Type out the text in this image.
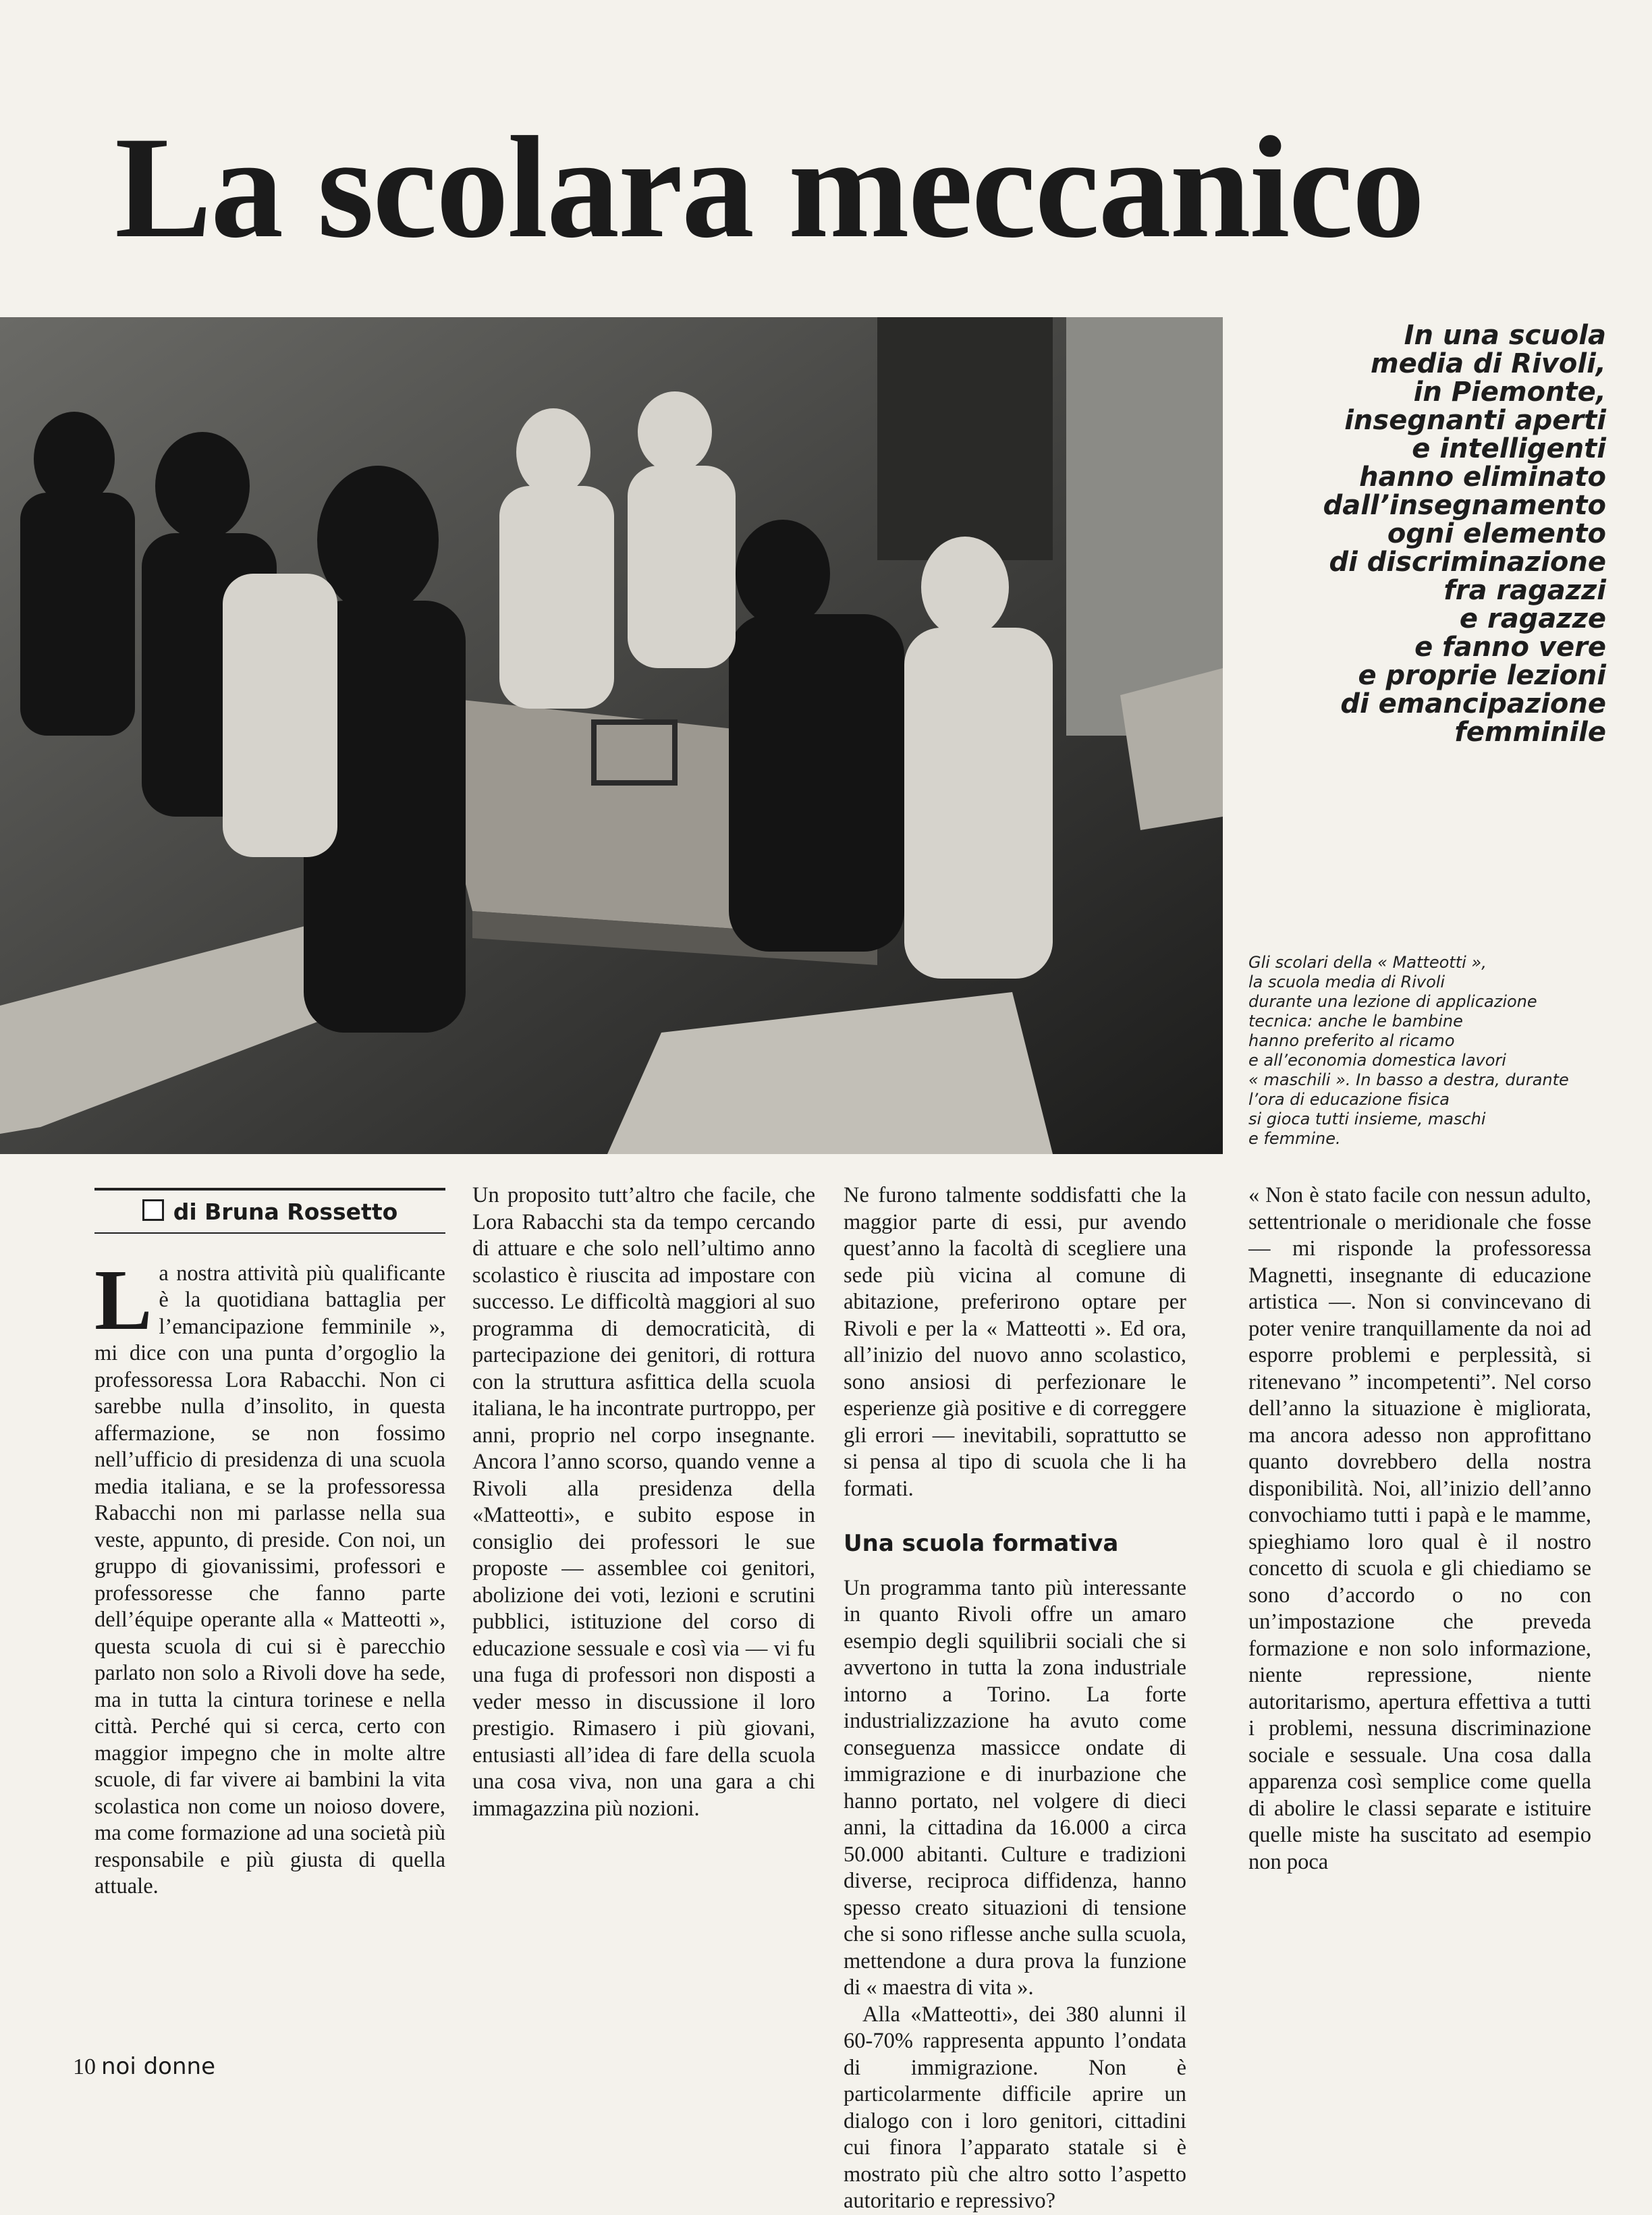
La scolara meccanico
In una scuola
media di Rivoli,
in Piemonte,
insegnanti aperti
e intelligenti
hanno eliminato
dall’insegnamento
ogni elemento
di discriminazione
fra ragazzi
e ragazze
e fanno vere
e proprie lezioni
di emancipazione
femminile
Gli scolari della « Matteotti »,
la scuola media di Rivoli
durante una lezione di applicazione
tecnica: anche le bambine
hanno preferito al ricamo
e all’economia domestica lavori
« maschili ». In basso a destra, durante
l’ora di educazione fisica
si gioca tutti insieme, maschi
e femmine.
di Bruna Rossetto

La nostra attività più qualificante è la quotidiana battaglia per l’emancipazione femminile », mi dice con una punta d’orgoglio la professoressa Lora Rabacchi. Non ci sarebbe nulla d’insolito, in questa affermazione, se non fossimo nell’ufficio di presidenza di una scuola media italiana, e se la professoressa Rabacchi non mi parlasse nella sua veste, appunto, di preside. Con noi, un gruppo di giovanissimi, professori e professoresse che fanno parte dell’équipe operante alla « Matteotti », questa scuola di cui si è parecchio parlato non solo a Rivoli dove ha sede, ma in tutta la cintura torinese e nella città. Perché qui si cerca, certo con maggior impegno che in molte altre scuole, di far vivere ai bambini la vita scolastica non come un noioso dovere, ma come formazione ad una società più responsabile e più giusta di quella attuale.

Un proposito tutt’altro che facile, che Lora Rabacchi sta da tempo cercando di attuare e che solo nell’ultimo anno scolastico è riuscita ad impostare con successo. Le difficoltà maggiori al suo programma di democraticità, di partecipazione dei genitori, di rottura con la struttura asfittica della scuola italiana, le ha incontrate purtroppo, per anni, proprio nel corpo insegnante. Ancora l’anno scorso, quando venne a Rivoli alla presidenza della «Matteotti», e subito espose in consiglio dei professori le sue proposte — assemblee coi genitori, abolizione dei voti, lezioni e scrutini pubblici, istituzione del corso di educazione sessuale e così via — vi fu una fuga di professori non disposti a veder messo in discussione il loro prestigio. Rimasero i più giovani, entusiasti all’idea di fare della scuola una cosa viva, non una gara a chi immagazzina più nozioni.

Ne furono talmente soddisfatti che la maggior parte di essi, pur avendo quest’anno la facoltà di scegliere una sede più vicina al comune di abitazione, preferirono optare per Rivoli e per la « Matteotti ». Ed ora, all’inizio del nuovo anno scolastico, sono ansiosi di perfezionare le esperienze già positive e di correggere gli errori — inevitabili, soprattutto se si pensa al tipo di scuola che li ha formati.

Una scuola formativa

Un programma tanto più interessante in quanto Rivoli offre un amaro esempio degli squilibrii sociali che si avvertono in tutta la zona industriale intorno a Torino. La forte industrializzazione ha avuto come conseguenza massicce ondate di immigrazione e di inurbazione che hanno portato, nel volgere di dieci anni, la cittadina da 16.000 a circa 50.000 abitanti. Culture e tradizioni diverse, reciproca diffidenza, hanno spesso creato situazioni di tensione che si sono riflesse anche sulla scuola, mettendone a dura prova la funzione di « maestra di vita ».

Alla «Matteotti», dei 380 alunni il 60-70% rappresenta appunto l’ondata di immigrazione. Non è particolarmente difficile aprire un dialogo con i loro genitori, cittadini cui finora l’apparato statale si è mostrato più che altro sotto l’aspetto autoritario e repressivo?

« Non è stato facile con nessun adulto, settentrionale o meridionale che fosse — mi risponde la professoressa Magnetti, insegnante di educazione artistica —. Non si convincevano di poter venire tranquillamente da noi ad esporre problemi e perplessità, si ritenevano ” incompetenti”. Nel corso dell’anno la situazione è migliorata, ma ancora adesso non approfittano quanto dovrebbero della nostra disponibilità. Noi, all’inizio dell’anno convochiamo tutti i papà e le mamme, spieghiamo loro qual è il nostro concetto di scuola e gli chiediamo se sono d’accordo o no con un’impostazione che preveda formazione e non solo informazione, niente repressione, niente autoritarismo, apertura effettiva a tutti i problemi, nessuna discriminazione sociale e sessuale. Una cosa dalla apparenza così semplice come quella di abolire le classi separate e istituire quelle miste ha suscitato ad esempio non poca

10 noi donne
